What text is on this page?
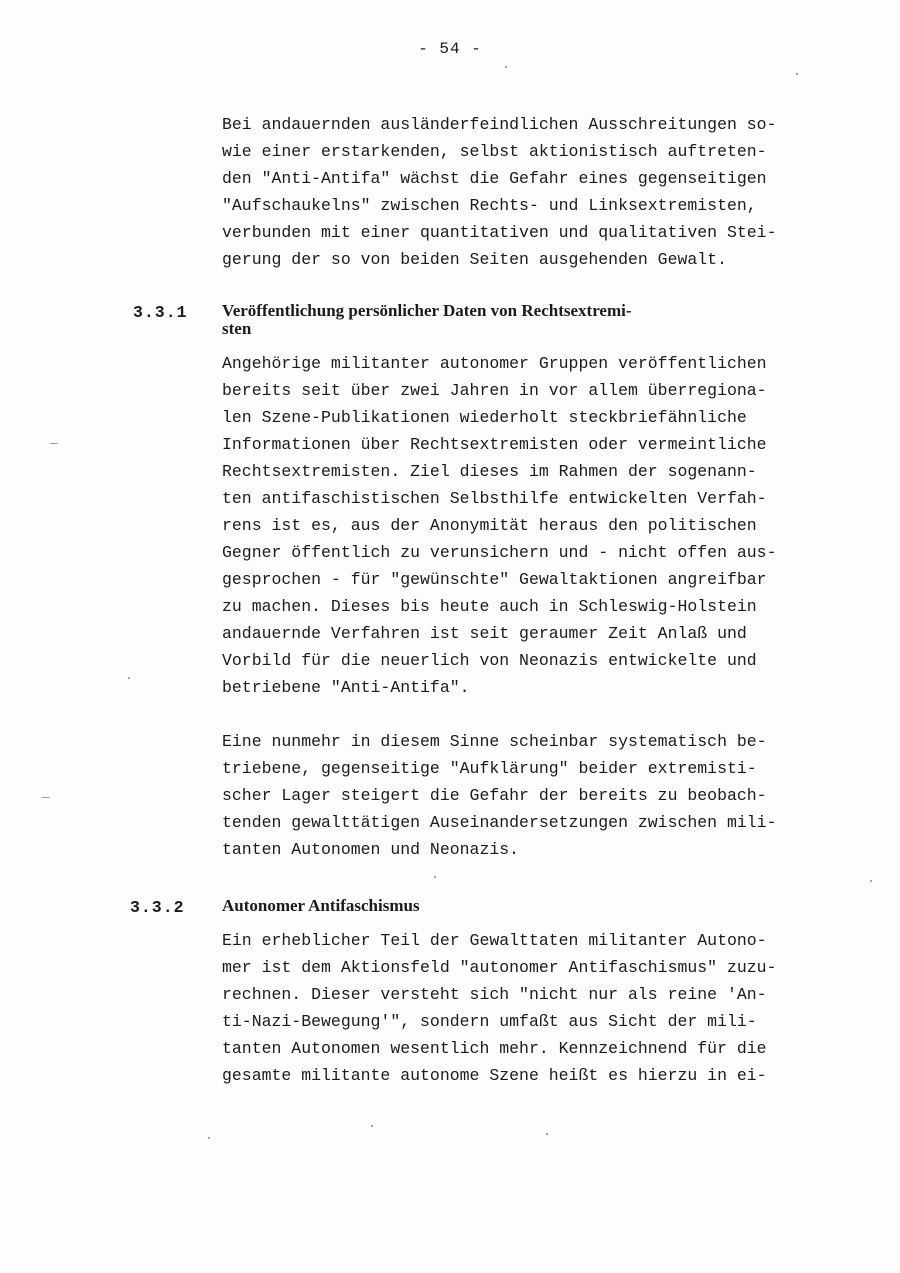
- 54 -
Bei andauernden ausländerfeindlichen Ausschreitungen so-
wie einer erstarkenden, selbst aktionistisch auftreten-
den "Anti-Antifa" wächst die Gefahr eines gegenseitigen
"Aufschaukelns" zwischen Rechts- und Linksextremisten,
verbunden mit einer quantitativen und qualitativen Stei-
gerung der so von beiden Seiten ausgehenden Gewalt.
3.3.1 Veröffentlichung persönlicher Daten von Rechtsextremi-
sten
Angehörige militanter autonomer Gruppen veröffentlichen
bereits seit über zwei Jahren in vor allem überregiona-
len Szene-Publikationen wiederholt steckbriefähnliche
Informationen über Rechtsextremisten oder vermeintliche
Rechtsextremisten. Ziel dieses im Rahmen der sogenann-
ten antifaschistischen Selbsthilfe entwickelten Verfah-
rens ist es, aus der Anonymität heraus den politischen
Gegner öffentlich zu verunsichern und - nicht offen aus-
gesprochen - für "gewünschte" Gewaltaktionen angreifbar
zu machen. Dieses bis heute auch in Schleswig-Holstein
andauernde Verfahren ist seit geraumer Zeit Anlaß und
Vorbild für die neuerlich von Neonazis entwickelte und
betriebene "Anti-Antifa".
Eine nunmehr in diesem Sinne scheinbar systematisch be-
triebene, gegenseitige "Aufklärung" beider extremisti-
scher Lager steigert die Gefahr der bereits zu beobach-
tenden gewalttätigen Auseinandersetzungen zwischen mili-
tanten Autonomen und Neonazis.
3.3.2 Autonomer Antifaschismus
Ein erheblicher Teil der Gewalttaten militanter Autono-
mer ist dem Aktionsfeld "autonomer Antifaschismus" zuzu-
rechnen. Dieser versteht sich "nicht nur als reine 'An-
ti-Nazi-Bewegung'", sondern umfaßt aus Sicht der mili-
tanten Autonomen wesentlich mehr. Kennzeichnend für die
gesamte militante autonome Szene heißt es hierzu in ei-
